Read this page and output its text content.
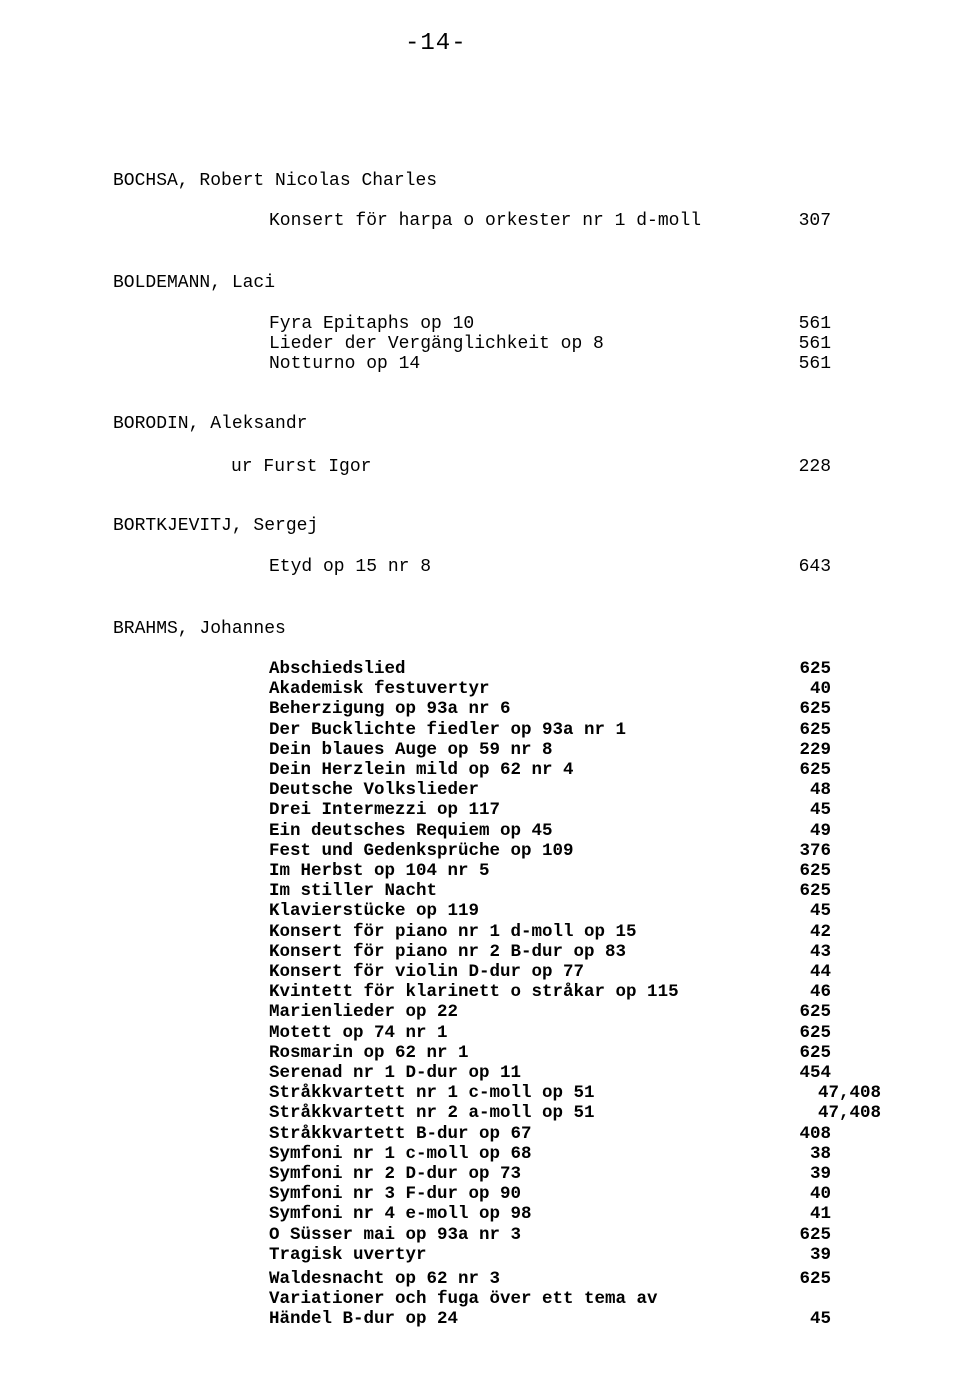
-14-
BOCHSA, Robert Nicolas Charles
Konsert för harpa o orkester nr 1 d-moll	307
BOLDEMANN, Laci
Fyra Epitaphs op 10	561
Lieder der Vergänglichkeit op 8	561
Notturno op 14	561
BORODIN, Aleksandr
ur Furst Igor	228
BORTKJEVITJ, Sergej
Etyd op 15 nr 8	643
BRAHMS, Johannes
Abschiedslied	625
Akademisk festuvertyr	40
Beherzigung op 93a nr 6	625
Der Bucklichte fiedler op 93a nr 1	625
Dein blaues Auge op 59 nr 8	229
Dein Herzlein mild op 62 nr 4	625
Deutsche Volkslieder	48
Drei Intermezzi op 117	45
Ein deutsches Requiem op 45	49
Fest und Gedenksprüche op 109	376
Im Herbst op 104 nr 5	625
Im stiller Nacht	625
Klavierstücke op 119	45
Konsert för piano nr 1 d-moll op 15	42
Konsert för piano nr 2 B-dur op 83	43
Konsert för violin D-dur op 77	44
Kvintett för klarinett o stråkar op 115	46
Marienlieder op 22	625
Motett op 74 nr 1	625
Rosmarin op 62 nr 1	625
Serenad nr 1 D-dur op 11	454
Stråkkvartett nr 1 c-moll op 51	47,408
Stråkkvartett nr 2 a-moll op 51	47,408
Stråkkvartett B-dur op 67	408
Symfoni nr 1 c-moll op 68	38
Symfoni nr 2 D-dur op 73	39
Symfoni nr 3 F-dur op 90	40
Symfoni nr 4 e-moll op 98	41
O Süsser mai op 93a nr 3	625
Tragisk uvertyr	39
Waldesnacht op 62 nr 3	625
Variationer och fuga över ett tema av
Händel B-dur op 24	45
